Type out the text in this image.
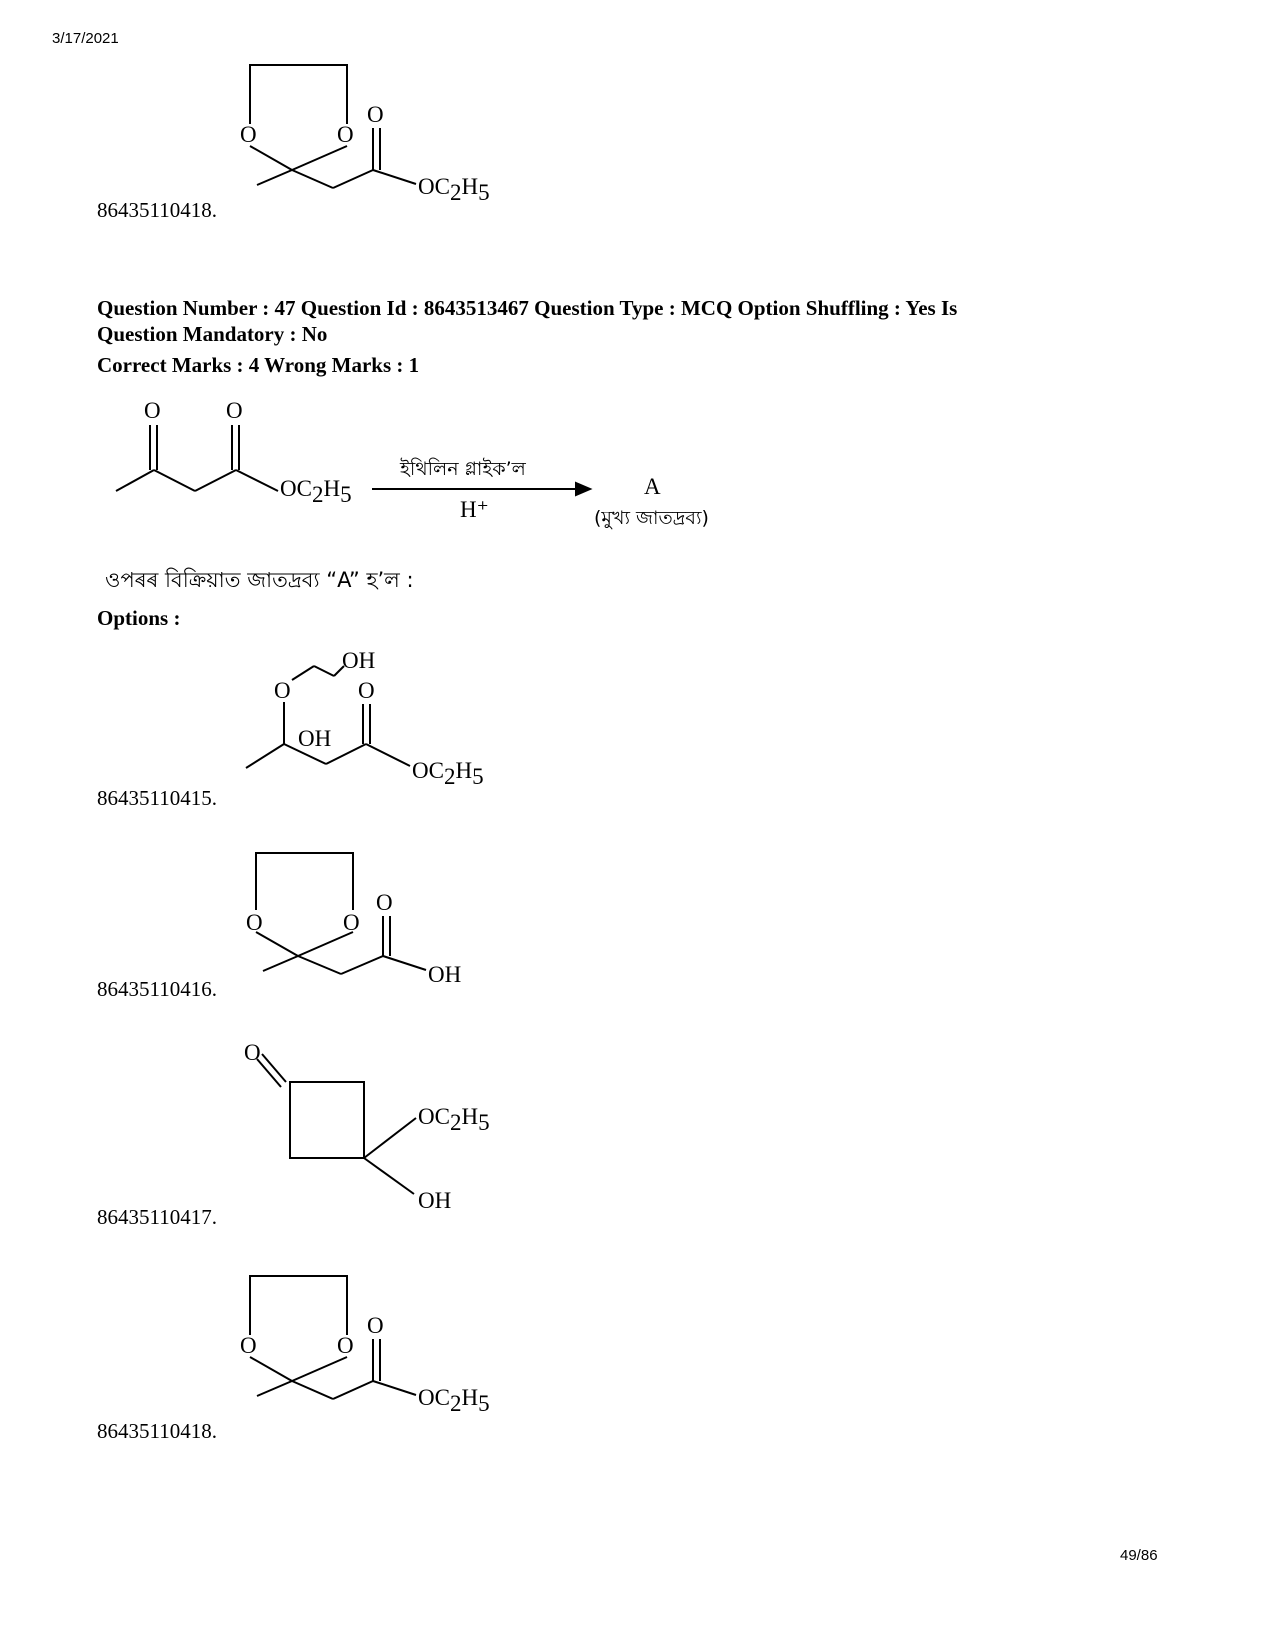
3/17/2021
O	O
O
OC2H5
86435110418.
Question Number : 47 Question Id : 8643513467 Question Type : MCQ Option Shuffling : Yes Is
Question Mandatory : No
Correct Marks : 4 Wrong Marks : 1
O	O
OC2H5
ইথিলিন গ্লাইক’ল
H⁺
A
(মুখ্য জাতদ্ৰব্য)
ওপৰৰ বিক্ৰিয়াত জাতদ্ৰব্য “A” হ’ল :
Options :
OH
O
OH
O
OC2H5
86435110415.
O	O
O
OH
86435110416.
O
OC2H5
OH
86435110417.
O	O
O
OC2H5
86435110418.
49/86
